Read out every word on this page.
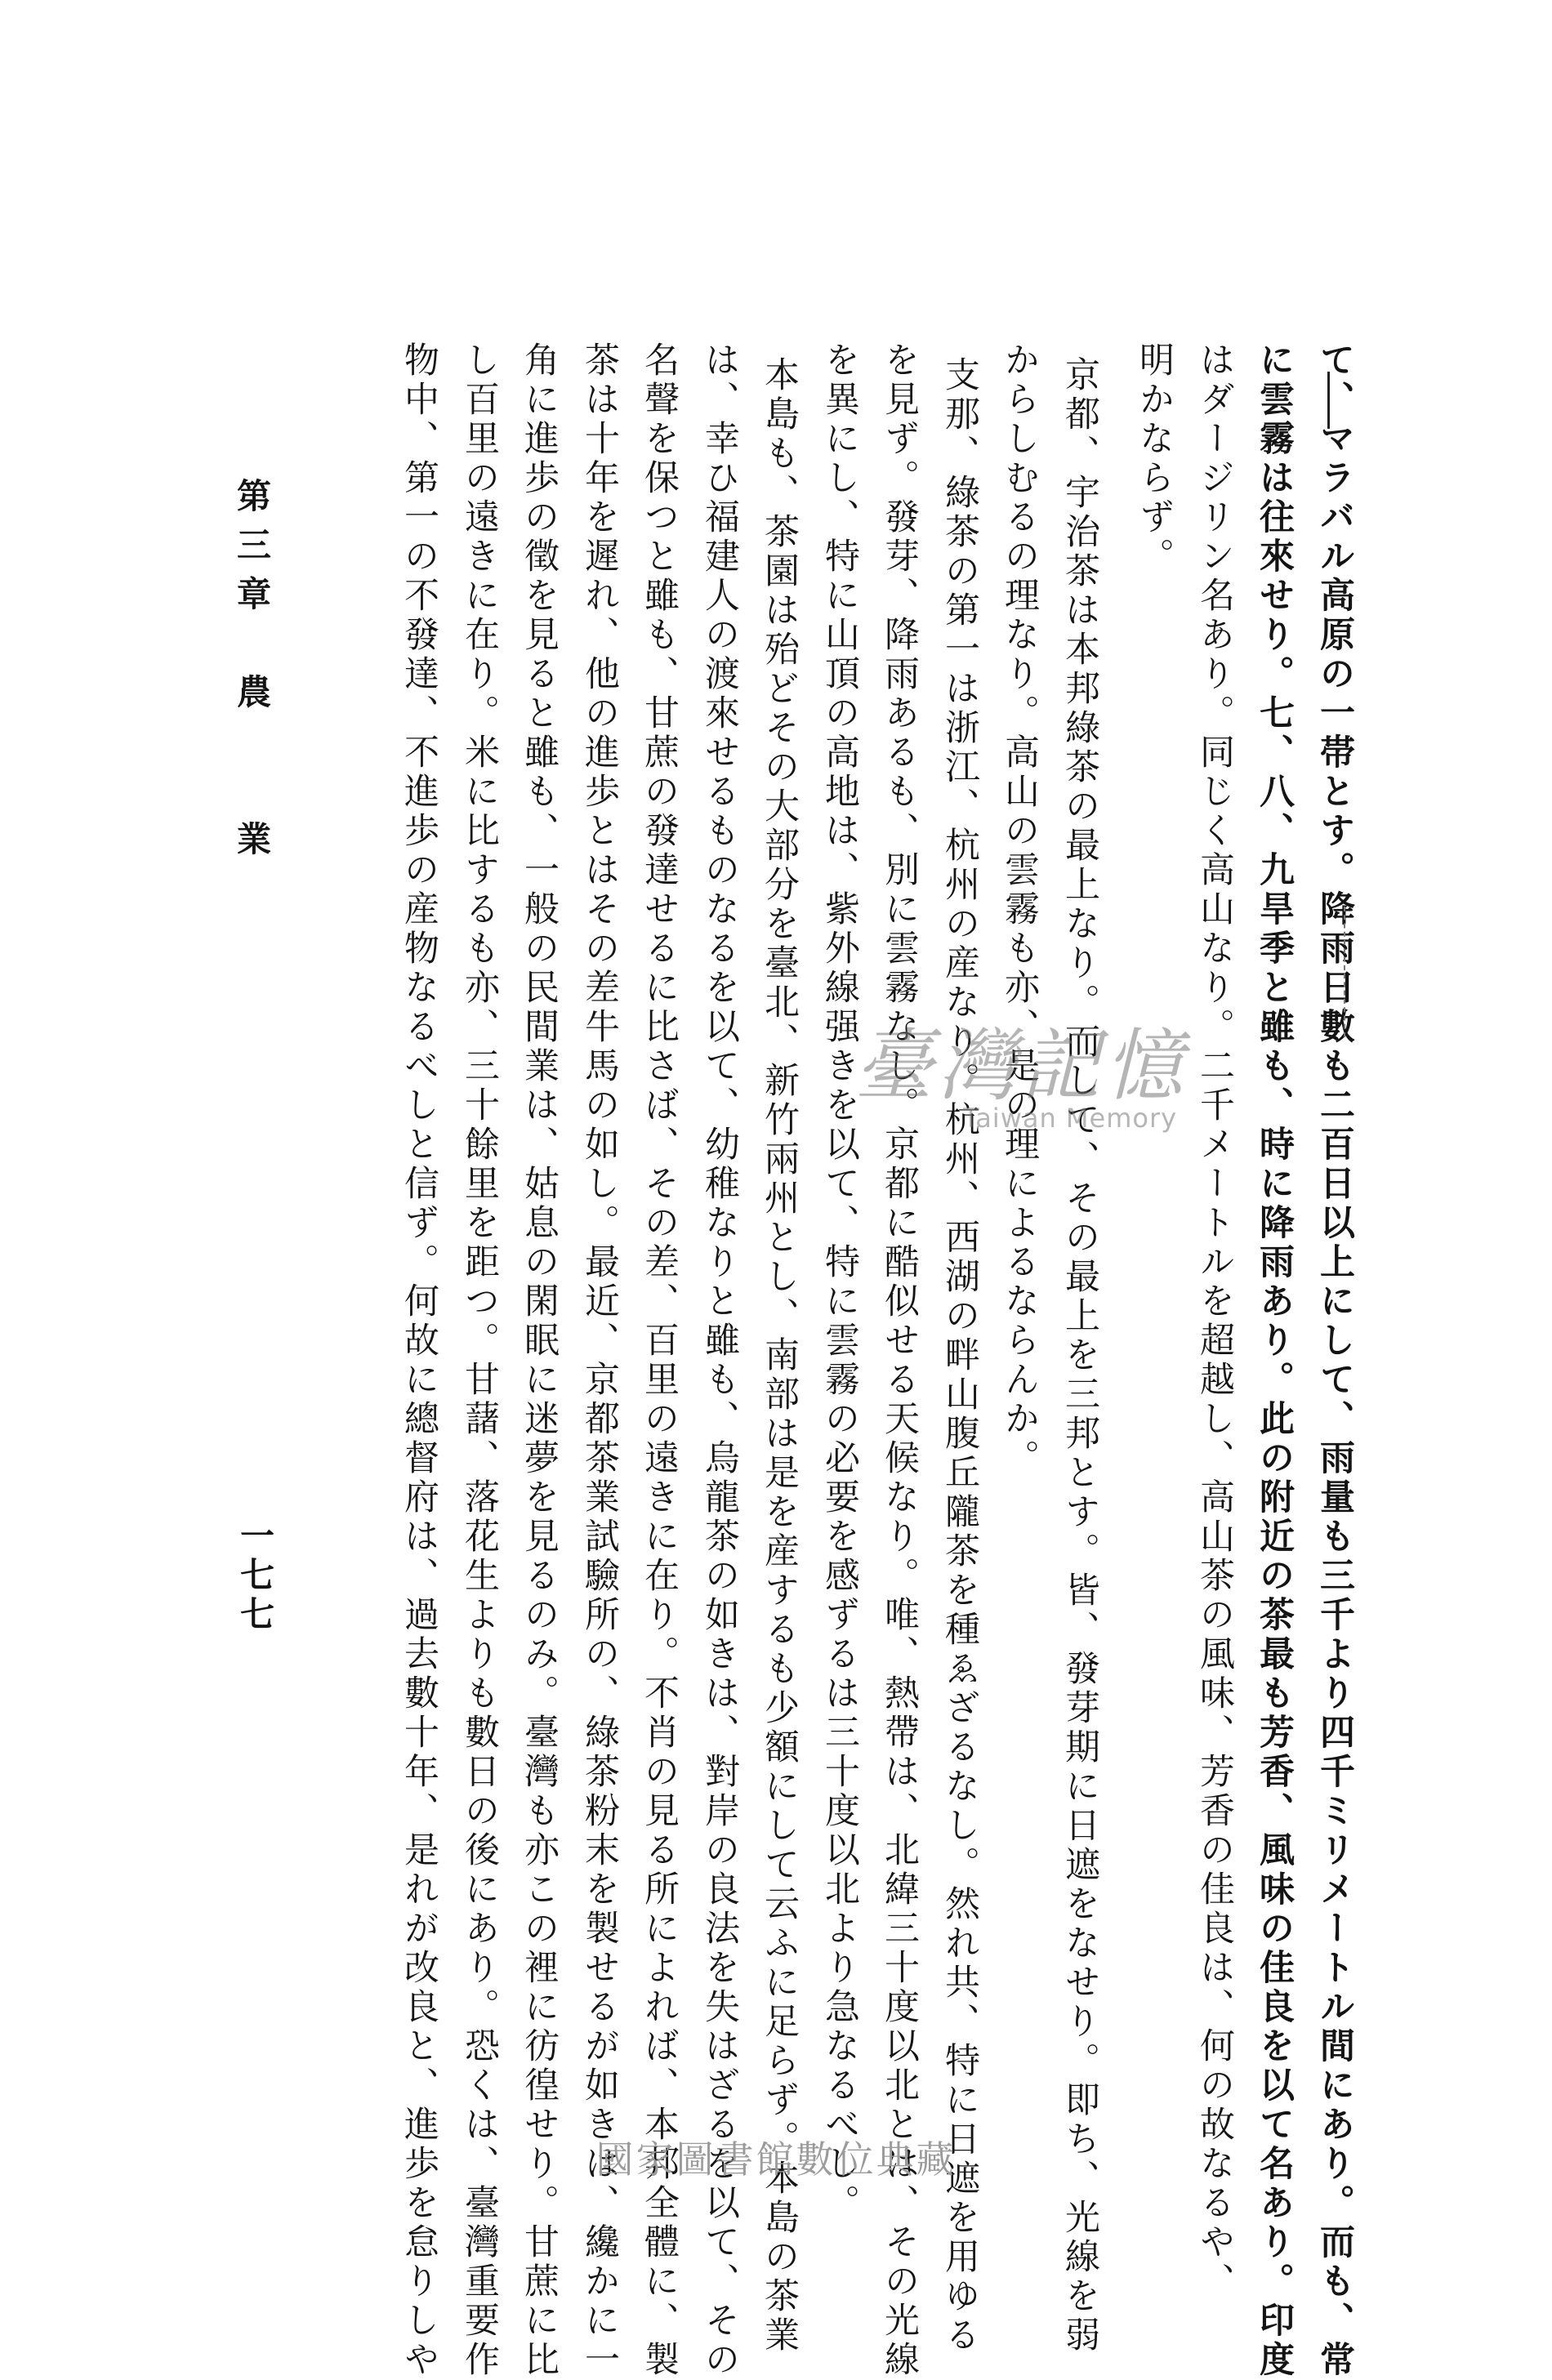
て、マラバル高原の一帯とす。降雨日數も二百日以上にして、雨量も三千より四千ミリメートル間にあり。而も、常
に雲霧は往來せり。七、八、九旱季と雖も、時に降雨あり。此の附近の茶最も芳香、風味の佳良を以て名あり。印度
はダージリン名あり。同じく高山なり。二千メートルを超越し、高山茶の風味、芳香の佳良は、何の故なるや、
明かならず。
京都、宇治茶は本邦綠茶の最上なり。而して、その最上を三邦とす。皆、發芽期に日遮をなせり。即ち、光線を弱
からしむるの理なり。高山の雲霧も亦、是の理によるならんか。
支那、綠茶の第一は浙江、杭州の産なり。杭州、西湖の畔山腹丘隴茶を種ゑざるなし。然れ共、特に日遮を用ゆる
を見ず。發芽、降雨あるも、別に雲霧なし。京都に酷似せる天候なり。唯、熱帶は、北緯三十度以北とは、その光線
を異にし、特に山頂の高地は、紫外線强きを以て、特に雲霧の必要を感ずるは三十度以北より急なるべし。
本島も、茶園は殆どその大部分を臺北、新竹兩州とし、南部は是を産するも少額にして云ふに足らず。本島の茶業
は、幸ひ福建人の渡來せるものなるを以て、幼稚なりと雖も、烏龍茶の如きは、對岸の良法を失はざるを以て、その
名聲を保つと雖も、甘蔗の發達せるに比さば、その差、百里の遠きに在り。不肖の見る所によれば、本邦全體に、製
茶は十年を遲れ、他の進歩とはその差牛馬の如し。最近、京都茶業試驗所の、綠茶粉末を製せるが如きは、纔かに一
角に進歩の徵を見ると雖も、一般の民間業は、姑息の閑眠に迷夢を見るのみ。臺灣も亦この裡に彷徨せり。甘蔗に比
し百里の遠きに在り。米に比するも亦、三十餘里を距つ。甘藷、落花生よりも數日の後にあり。恐くは、臺灣重要作
物中、第一の不發達、不進歩の産物なるべしと信ず。何故に總督府は、過去數十年、是れが改良と、進歩を怠りしや
第三章　農　　業
一七七
臺灣記憶
Taiwan Memory
國家圖書館數位典藏
